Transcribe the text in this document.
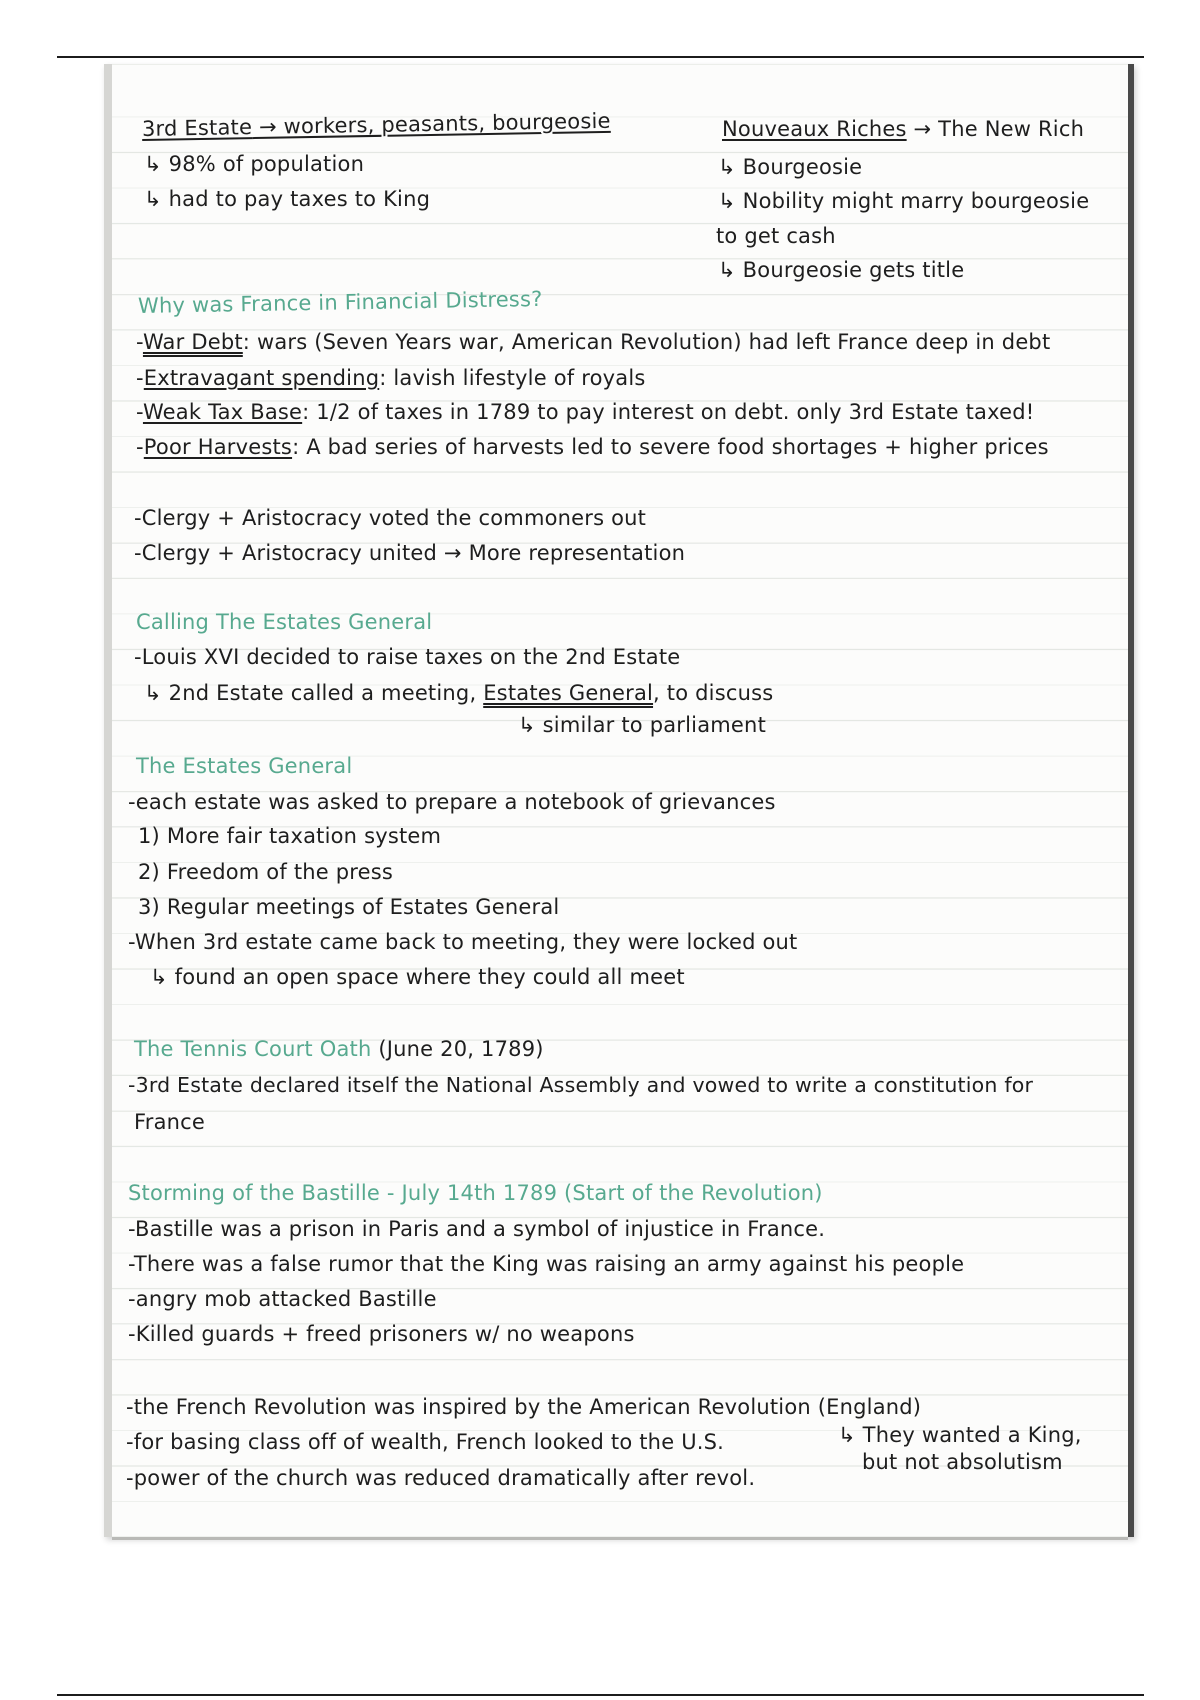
3rd Estate → workers, peasants, bourgeosie
↳ 98% of population
↳ had to pay taxes to King
Nouveaux Riches → The New Rich
↳ Bourgeosie
↳ Nobility might marry bourgeosie
to get cash
↳ Bourgeosie gets title
Why was France in Financial Distress?
-War Debt: wars (Seven Years war, American Revolution) had left France deep in debt
-Extravagant spending: lavish lifestyle of royals
-Weak Tax Base: 1/2 of taxes in 1789 to pay interest on debt. only 3rd Estate taxed!
-Poor Harvests: A bad series of harvests led to severe food shortages + higher prices
-Clergy + Aristocracy voted the commoners out
-Clergy + Aristocracy united → More representation
Calling The Estates General
-Louis XVI decided to raise taxes on the 2nd Estate
↳ 2nd Estate called a meeting, Estates General, to discuss
↳ similar to parliament
The Estates General
-each estate was asked to prepare a notebook of grievances
1) More fair taxation system
2) Freedom of the press
3) Regular meetings of Estates General
-When 3rd estate came back to meeting, they were locked out
↳ found an open space where they could all meet
The Tennis Court Oath (June 20, 1789)
-3rd Estate declared itself the National Assembly and vowed to write a constitution for
France
Storming of the Bastille - July 14th 1789 (Start of the Revolution)
-Bastille was a prison in Paris and a symbol of injustice in France.
-There was a false rumor that the King was raising an army against his people
-angry mob attacked Bastille
-Killed guards + freed prisoners w/ no weapons
-the French Revolution was inspired by the American Revolution (England)
-for basing class off of wealth, French looked to the U.S.
-power of the church was reduced dramatically after revol.
↳ They wanted a King,
but not absolutism
